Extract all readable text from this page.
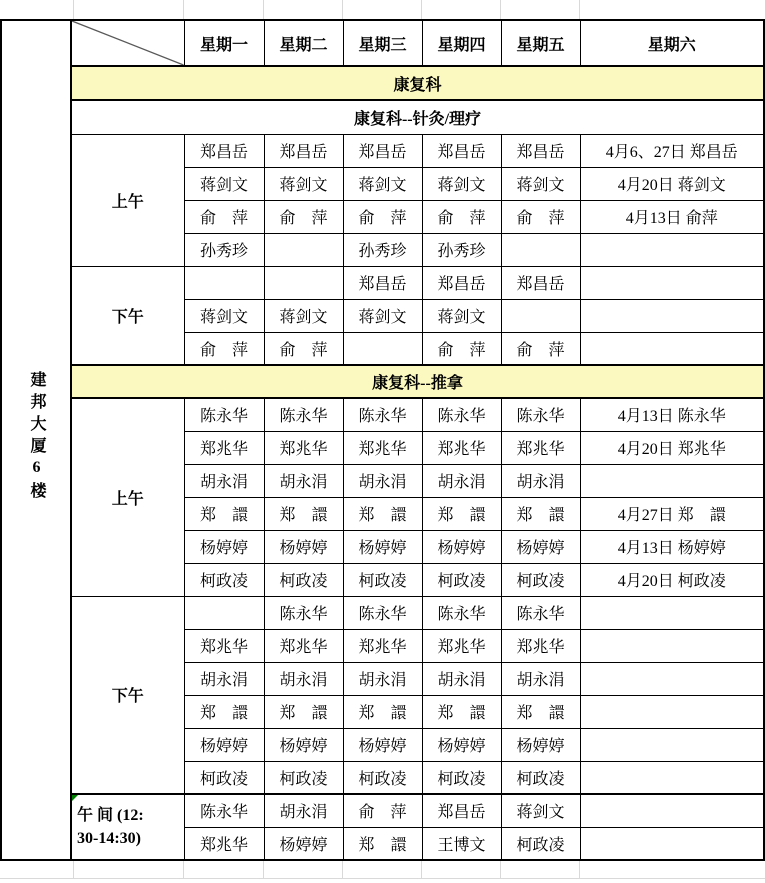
建邦大厦6楼		星期一	星期二	星期三	星期四	星期五	星期六
	康复科						
	康复科--针灸/理疗						
	上午	郑昌岳	郑昌岳	郑昌岳	郑昌岳	郑昌岳	4月6、27日 郑昌岳
		蒋剑文	蒋剑文	蒋剑文	蒋剑文	蒋剑文	4月20日 蒋剑文
		俞　萍	俞　萍	俞　萍	俞　萍	俞　萍	4月13日 俞萍
		孙秀珍		孙秀珍	孙秀珍		
	下午			郑昌岳	郑昌岳	郑昌岳	
		蒋剑文	蒋剑文	蒋剑文	蒋剑文		
		俞　萍	俞　萍		俞　萍	俞　萍	
	康复科--推拿						
	上午	陈永华	陈永华	陈永华	陈永华	陈永华	4月13日 陈永华
		郑兆华	郑兆华	郑兆华	郑兆华	郑兆华	4月20日 郑兆华
		胡永涓	胡永涓	胡永涓	胡永涓	胡永涓	
		郑　譞	郑　譞	郑　譞	郑　譞	郑　譞	4月27日 郑　譞
		杨婷婷	杨婷婷	杨婷婷	杨婷婷	杨婷婷	4月13日 杨婷婷
		柯政凌	柯政凌	柯政凌	柯政凌	柯政凌	4月20日 柯政凌
	下午		陈永华	陈永华	陈永华	陈永华	
		郑兆华	郑兆华	郑兆华	郑兆华	郑兆华	
		胡永涓	胡永涓	胡永涓	胡永涓	胡永涓	
		郑　譞	郑　譞	郑　譞	郑　譞	郑　譞	
		杨婷婷	杨婷婷	杨婷婷	杨婷婷	杨婷婷	
		柯政凌	柯政凌	柯政凌	柯政凌	柯政凌	

	午 间 (12:
30-14:30)	陈永华	胡永涓	俞　萍	郑昌岳	蒋剑文	
		郑兆华	杨婷婷	郑　譞	王博文	柯政凌	
